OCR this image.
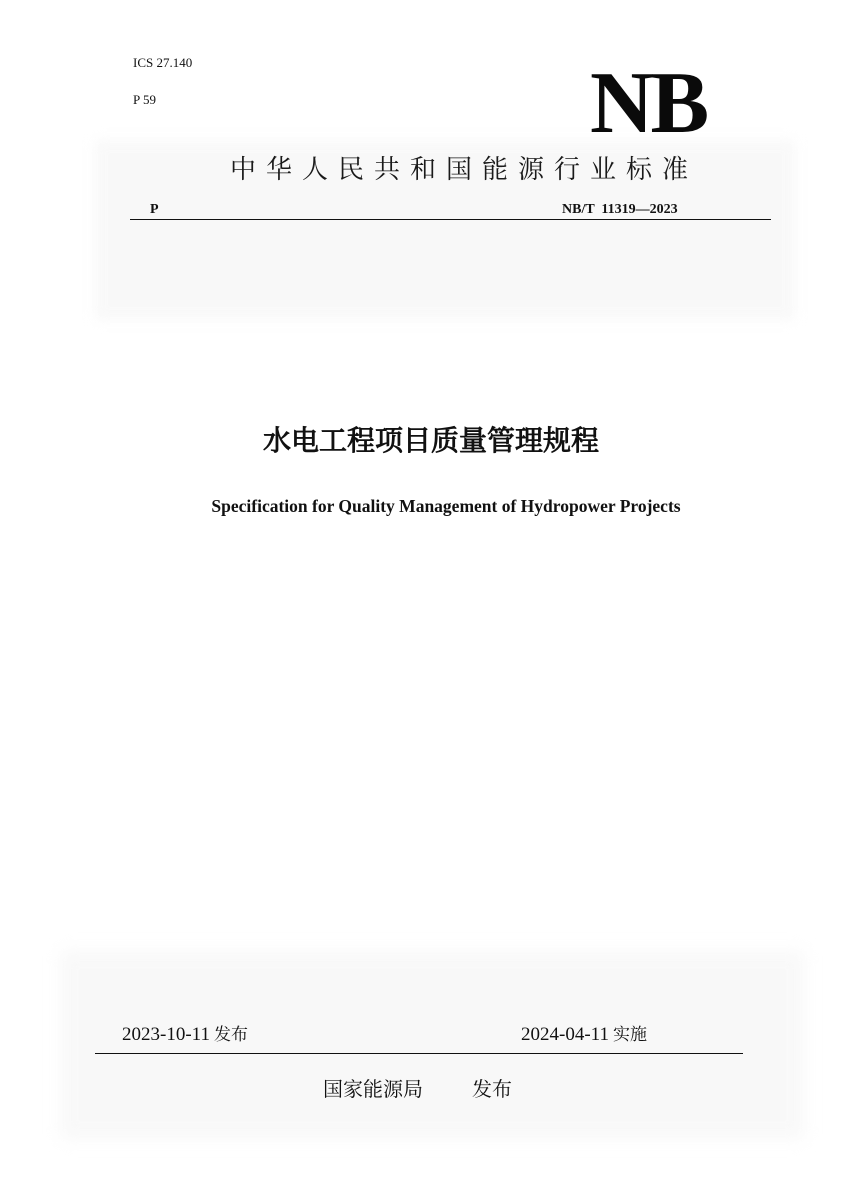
ICS 27.140
P 59	NB
中华人民共和国能源行业标准
P	NB/T  11319—2023
水电工程项目质量管理规程
Specification for Quality Management of Hydropower Projects
2023-10-11 发布	2024-04-11 实施
国家能源局 发布
